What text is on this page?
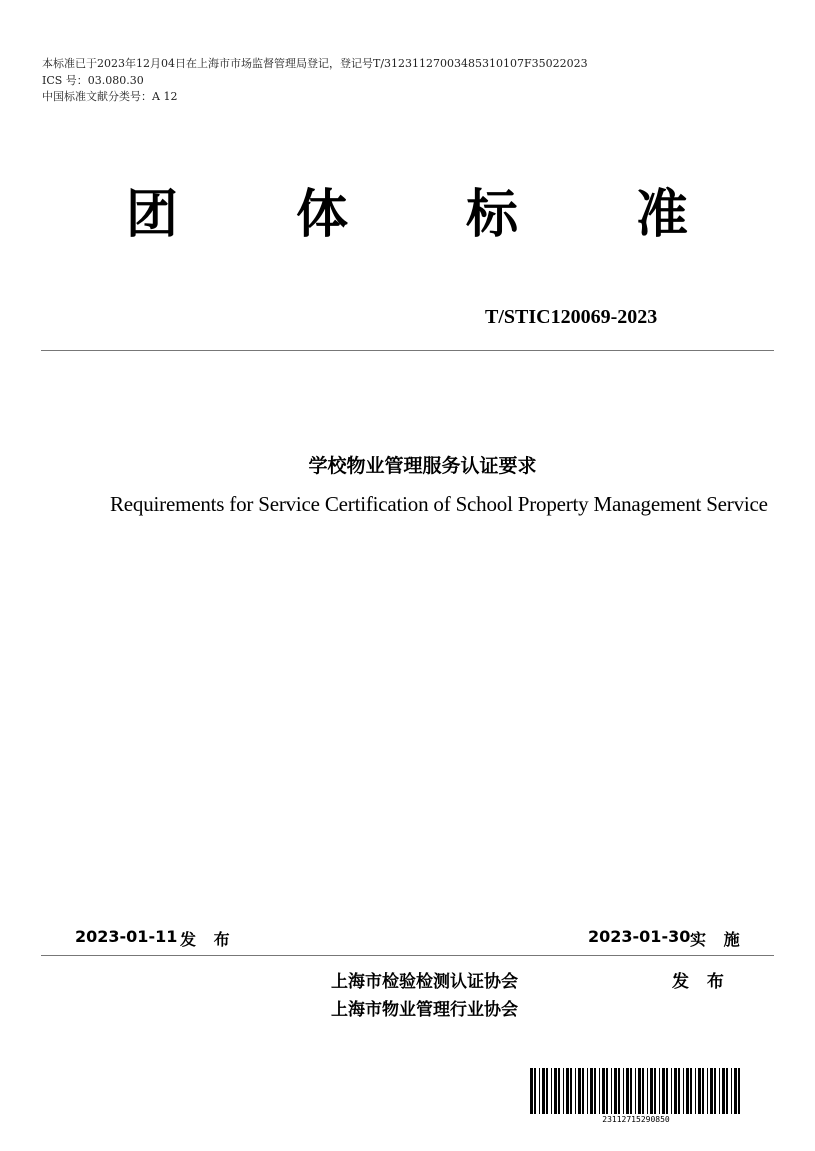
本标准已于2023年12月04日在上海市市场监督管理局登记，登记号T/31231127003485310107F35022023
ICS 号：03.080.30
中国标准文献分类号：A 12
团 体 标 准
T/STIC120069-2023
学校物业管理服务认证要求
Requirements for Service Certification of School Property Management Service
2023-01-11 发 布	2023-01-30 实 施
上海市检验检测认证协会
上海市物业管理行业协会
发 布
23112715290850
